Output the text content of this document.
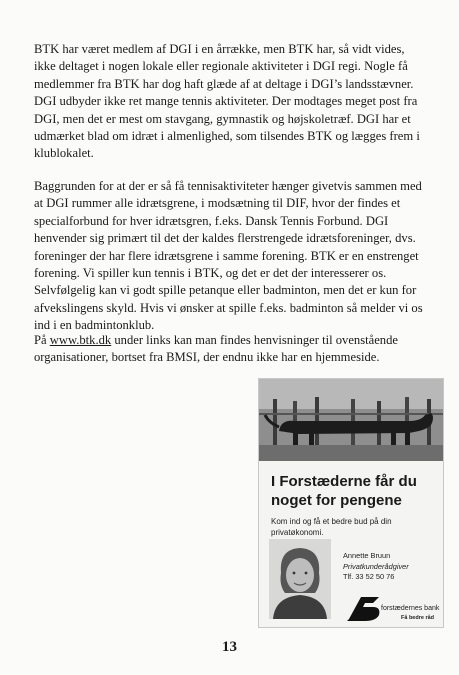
BTK har været medlem af DGI i en årrække, men BTK har, så vidt vides, ikke deltaget i nogen lokale eller regionale aktiviteter i DGI regi. Nogle få medlemmer fra BTK har dog haft glæde af at deltage i DGI’s landsstævner. DGI udbyder ikke ret mange tennis aktiviteter. Der modtages meget post fra DGI, men det er mest om stavgang, gymnastik og højskoletræf. DGI har et udmærket blad om idræt i almenlighed, som tilsendes BTK og lægges frem i klublokalet.

Baggrunden for at der er så få tennisaktiviteter hænger givetvis sammen med at DGI rummer alle idrætsgrene, i modsætning til DIF, hvor der findes et specialforbund for hver idrætsgren, f.eks. Dansk Tennis Forbund. DGI henvender sig primært til det der kaldes flerstrengede idrætsforeninger, dvs. foreninger der har flere idrætsgrene i samme forening. BTK er en enstrenget forening. Vi spiller kun tennis i BTK, og det er det der interesserer os. Selvfølgelig kan vi godt spille petanque eller badminton, men det er kun for afvekslingens skyld. Hvis vi ønsker at spille f.eks. badminton så melder vi os ind i en badmintonklub.

På www.btk.dk under links kan man findes henvisninger til ovenstående organisationer, bortset fra BMSI, der endnu ikke har en hjemmeside.

I Forstæderne får du noget for pengene
Kom ind og få et bedre bud på din privatøkonomi.
Annette Bruun
Privatkunderådgiver
Tlf. 33 52 50 76
forstædernes bank
Få bedre råd
13
